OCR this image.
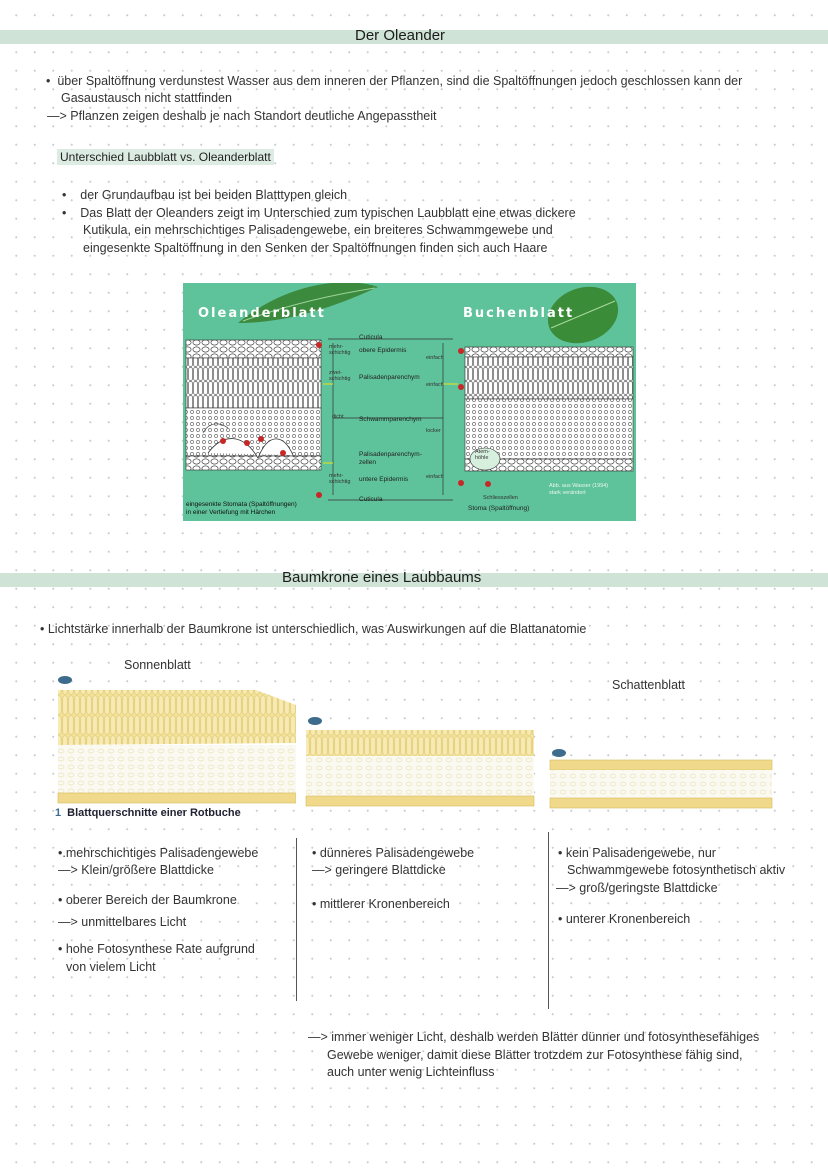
Der Oleander
•  über Spaltöffnung verdunstest Wasser aus dem inneren der Pflanzen, sind die Spaltöffnungen jedoch geschlossen kann der
Gasaustausch nicht stattfinden
—> Pflanzen zeigen deshalb je nach Standort deutliche Angepasstheit
Unterschied Laubblatt vs. Oleanderblatt
•    der Grundaufbau ist bei beiden Blatttypen gleich
•    Das Blatt der Oleanders zeigt im Unterschied zum typischen Laubblatt eine etwas dickere
Kutikula, ein mehrschichtiges Palisadengewebe, ein breiteres Schwammgewebe und
eingesenkte Spaltöffnung in den Senken der Spaltöffnungen finden sich auch Haare
Oleanderblatt	Buchenblatt
Cuticula
mehr-
schichtig obere Epidermis
einfach
zwei-
schichtig Palisadenparenchym
einfach
dicht Schwammparenchym
locker
Palisadenparenchym-
zellen
mehr-
schichtig untere Epidermis	einfach
Cuticula
Atem-
höhle
Schliesszellen
Stoma (Spaltöffnung)
eingesenkte Stomata (Spaltöffnungen)
in einer Vertiefung mit Härchen
Abb. aus Wasser (1994)
stark verändert
Baumkrone eines Laubbaums
• Lichtstärke innerhalb der Baumkrone ist unterschiedlich, was Auswirkungen auf die Blattanatomie
Sonnenblatt
Schattenblatt
1 Blattquerschnitte einer Rotbuche
•.mehrschichtiges Palisadengewebe
—> Klein/größere Blattdicke
• oberer Bereich der Baumkrone
—> unmittelbares Licht
• hohe Fotosynthese Rate aufgrund
von vielem Licht
• dünneres Palisadengewebe
—> geringere Blattdicke
• mittlerer Kronenbereich
• kein Palisadengewebe, nur
Schwammgewebe fotosynthetisch aktiv
—> groß/geringste Blattdicke
• unterer Kronenbereich
—> immer weniger Licht, deshalb werden Blätter dünner und fotosynthesefähiges
Gewebe weniger, damit diese Blätter trotzdem zur Fotosynthese fähig sind,
auch unter wenig Lichteinfluss
